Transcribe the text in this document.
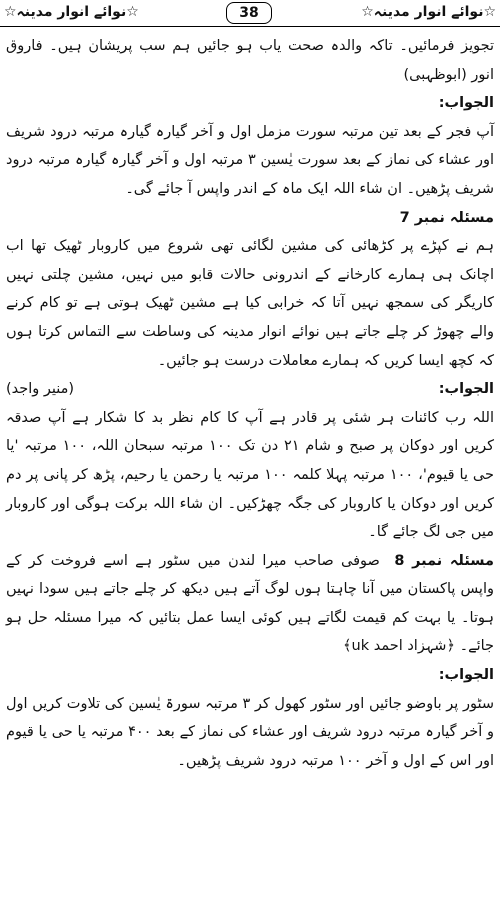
☆نوائے انوار مدینہ☆
38
☆نوائے انوار مدینہ☆

تجویز فرمائیں۔ تاکہ والدہ صحت یاب ہو جائیں ہم سب پریشان ہیں۔ فاروق انور (ابوظہبی)

الجواب:

آپ فجر کے بعد تین مرتبہ سورت مزمل اول و آخر گیارہ گیارہ مرتبہ درود شریف اور عشاء کی نماز کے بعد سورت یٰسین ۳ مرتبہ اول و آخر گیارہ گیارہ مرتبہ درود شریف پڑھیں۔ ان شاء اللہ ایک ماہ کے اندر واپس آ جائے گی۔

مسئلہ نمبر 7

ہم نے کپڑے پر کڑھائی کی مشین لگائی تھی شروع میں کاروبار ٹھیک تھا اب اچانک ہی ہمارے کارخانے کے اندرونی حالات قابو میں نہیں، مشین چلتی نہیں کاریگر کی سمجھ نہیں آتا کہ خرابی کیا ہے مشین ٹھیک ہوتی ہے تو کام کرنے والے چھوڑ کر چلے جاتے ہیں نوائے انوار مدینہ کی وساطت سے التماس کرتا ہوں کہ کچھ ایسا کریں کہ ہمارے معاملات درست ہو جائیں۔

الجواب:
(منیر واجد)

اللہ رب کائنات ہر شئی پر قادر ہے آپ کا کام نظر بد کا شکار ہے آپ صدقہ کریں اور دوکان پر صبح و شام ۲۱ دن تک ۱۰۰ مرتبہ سبحان اللہ، ۱۰۰ مرتبہ 'یا حی یا قیوم'، ۱۰۰ مرتبہ پہلا کلمہ ۱۰۰ مرتبہ یا رحمن یا رحیم، پڑھ کر پانی پر دم کریں اور دوکان یا کاروبار کی جگہ چھڑکیں۔ ان شاء اللہ برکت ہوگی اور کاروبار میں جی لگ جائے گا۔

مسئلہ نمبر 8  صوفی صاحب میرا لندن میں سٹور ہے اسے فروخت کر کے واپس پاکستان میں آنا چاہتا ہوں لوگ آتے ہیں دیکھ کر چلے جاتے ہیں سودا نہیں ہوتا۔ یا بہت کم قیمت لگاتے ہیں کوئی ایسا عمل بتائیں کہ میرا مسئلہ حل ہو جائے۔ ﴿شہزاد احمد uk﴾

الجواب:

سٹور پر باوضو جائیں اور سٹور کھول کر ۳ مرتبہ سورۃ یٰسین کی تلاوت کریں اول و آخر گیارہ مرتبہ درود شریف اور عشاء کی نماز کے بعد ۴۰۰ مرتبہ یا حی یا قیوم اور اس کے اول و آخر ۱۰۰ مرتبہ درود شریف پڑھیں۔
